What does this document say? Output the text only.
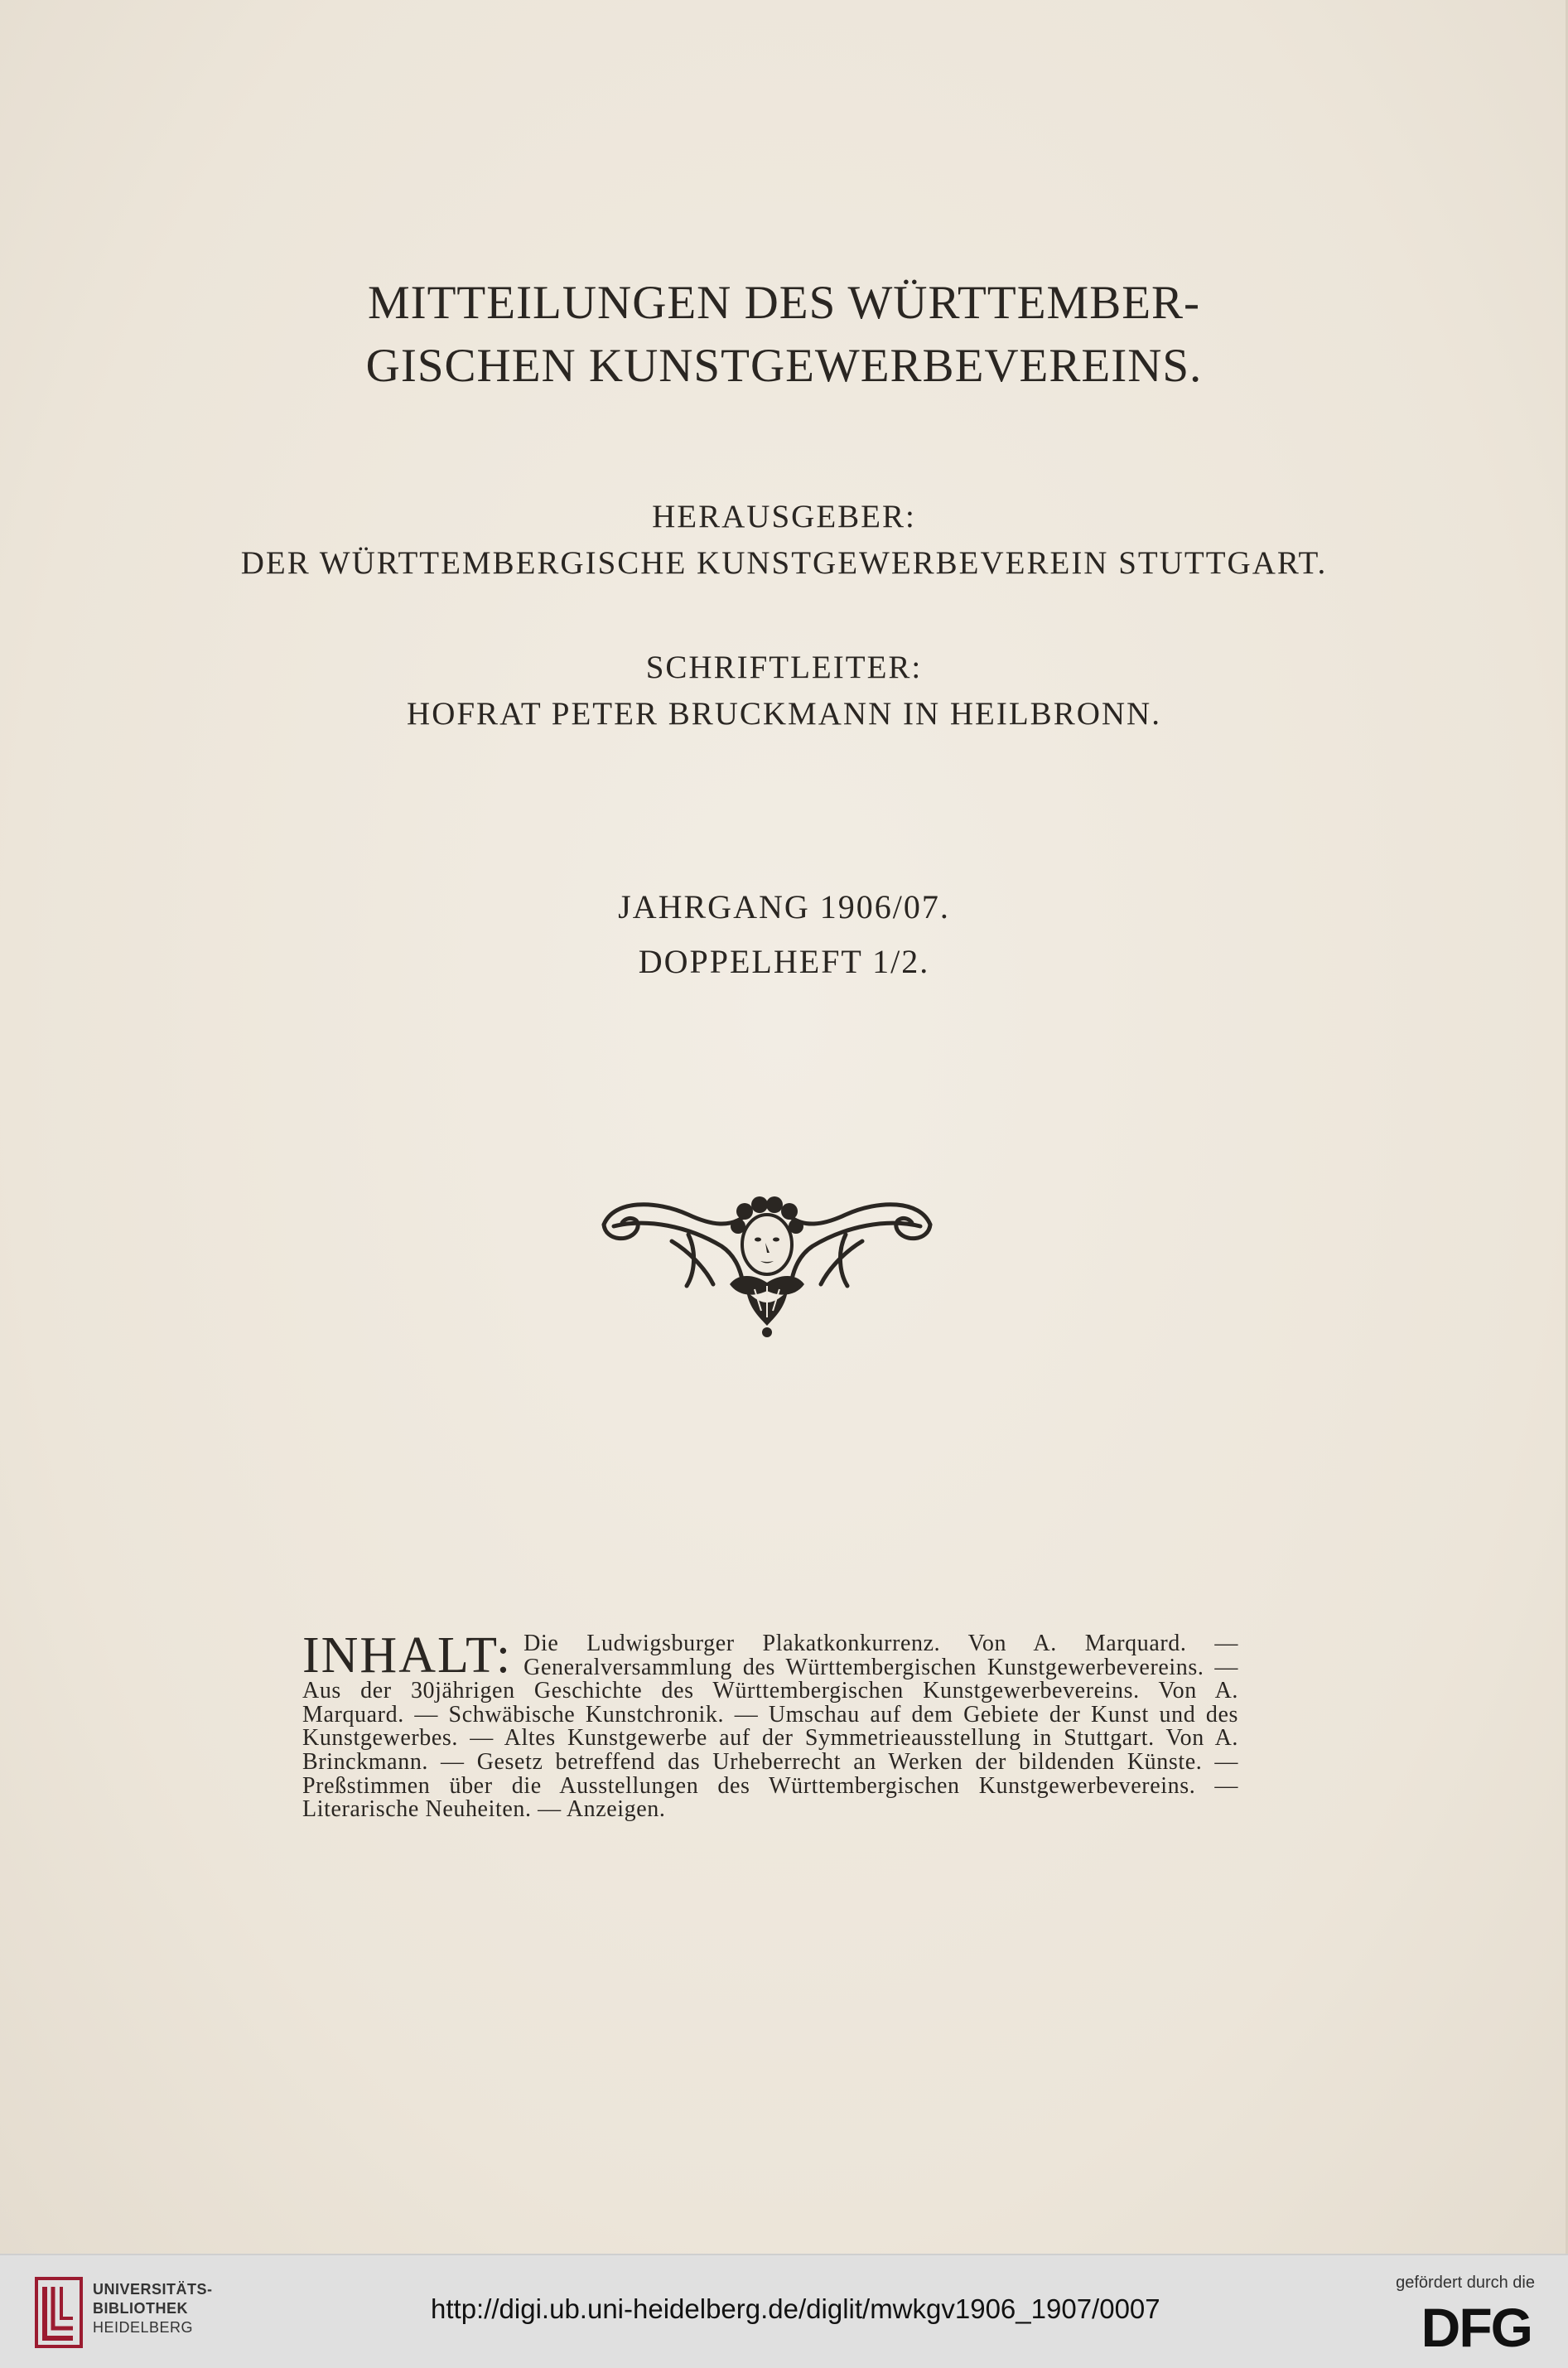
MITTEILUNGEN DES WÜRTTEMBER-
GISCHEN KUNSTGEWERBEVEREINS.
HERAUSGEBER:
DER WÜRTTEMBERGISCHE KUNSTGEWERBEVEREIN STUTTGART.
SCHRIFTLEITER:
HOFRAT PETER BRUCKMANN IN HEILBRONN.
JAHRGANG 1906/07.
DOPPELHEFT 1/2.
INHALT: Die Ludwigsburger Plakatkonkurrenz. Von A. Marquard. — Generalversammlung des Württembergischen Kunstgewerbevereins. — Aus der 30jährigen Geschichte des Württembergischen Kunstgewerbevereins. Von A. Marquard. — Schwäbische Kunstchronik. — Umschau auf dem Gebiete der Kunst und des Kunstgewerbes. — Altes Kunstgewerbe auf der Symmetrieausstellung in Stuttgart. Von A. Brinckmann. — Gesetz betreffend das Urheberrecht an Werken der bildenden Künste. — Preßstimmen über die Ausstellungen des Württembergischen Kunstgewerbevereins. — Literarische Neuheiten. — Anzeigen.
UNIVERSITÄTS-
BIBLIOTHEK
HEIDELBERG
http://digi.ub.uni-heidelberg.de/diglit/mwkgv1906_1907/0007
gefördert durch die
DFG
